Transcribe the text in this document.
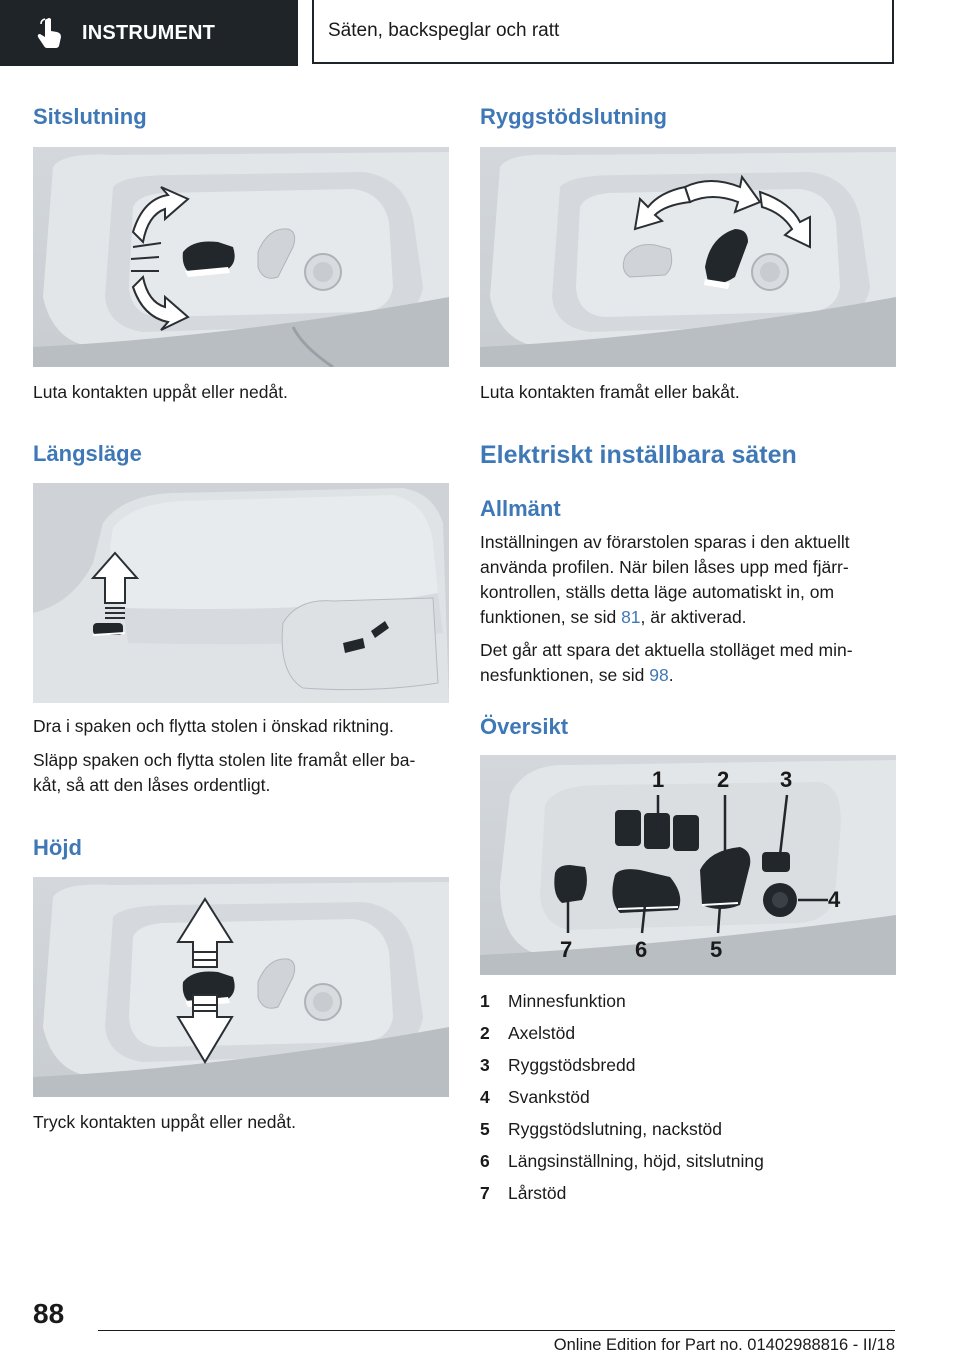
INSTRUMENT	Säten, backspeglar och ratt
Sitslutning
Luta kontakten uppåt eller nedåt.
Längsläge
Dra i spaken och flytta stolen i önskad riktning.
Släpp spaken och flytta stolen lite framåt eller ba-
kåt, så att den låses ordentligt.
Höjd
Tryck kontakten uppåt eller nedåt.
Ryggstödslutning
Luta kontakten framåt eller bakåt.
Elektriskt inställbara säten
Allmänt
Inställningen av förarstolen sparas i den aktuellt
använda profilen. När bilen låses upp med fjärr-
kontrollen, ställs detta läge automatiskt in, om
funktionen, se sid 81, är aktiverad.
Det går att spara det aktuella stolläget med min-
nesfunktionen, se sid 98.
Översikt
1 2 3
4
5
6
7
1	Minnesfunktion
2	Axelstöd
3	Ryggstödsbredd
4	Svankstöd
5	Ryggstödslutning, nackstöd
6	Längsinställning, höjd, sitslutning
7	Lårstöd
88
Online Edition for Part no. 01402988816 - II/18
